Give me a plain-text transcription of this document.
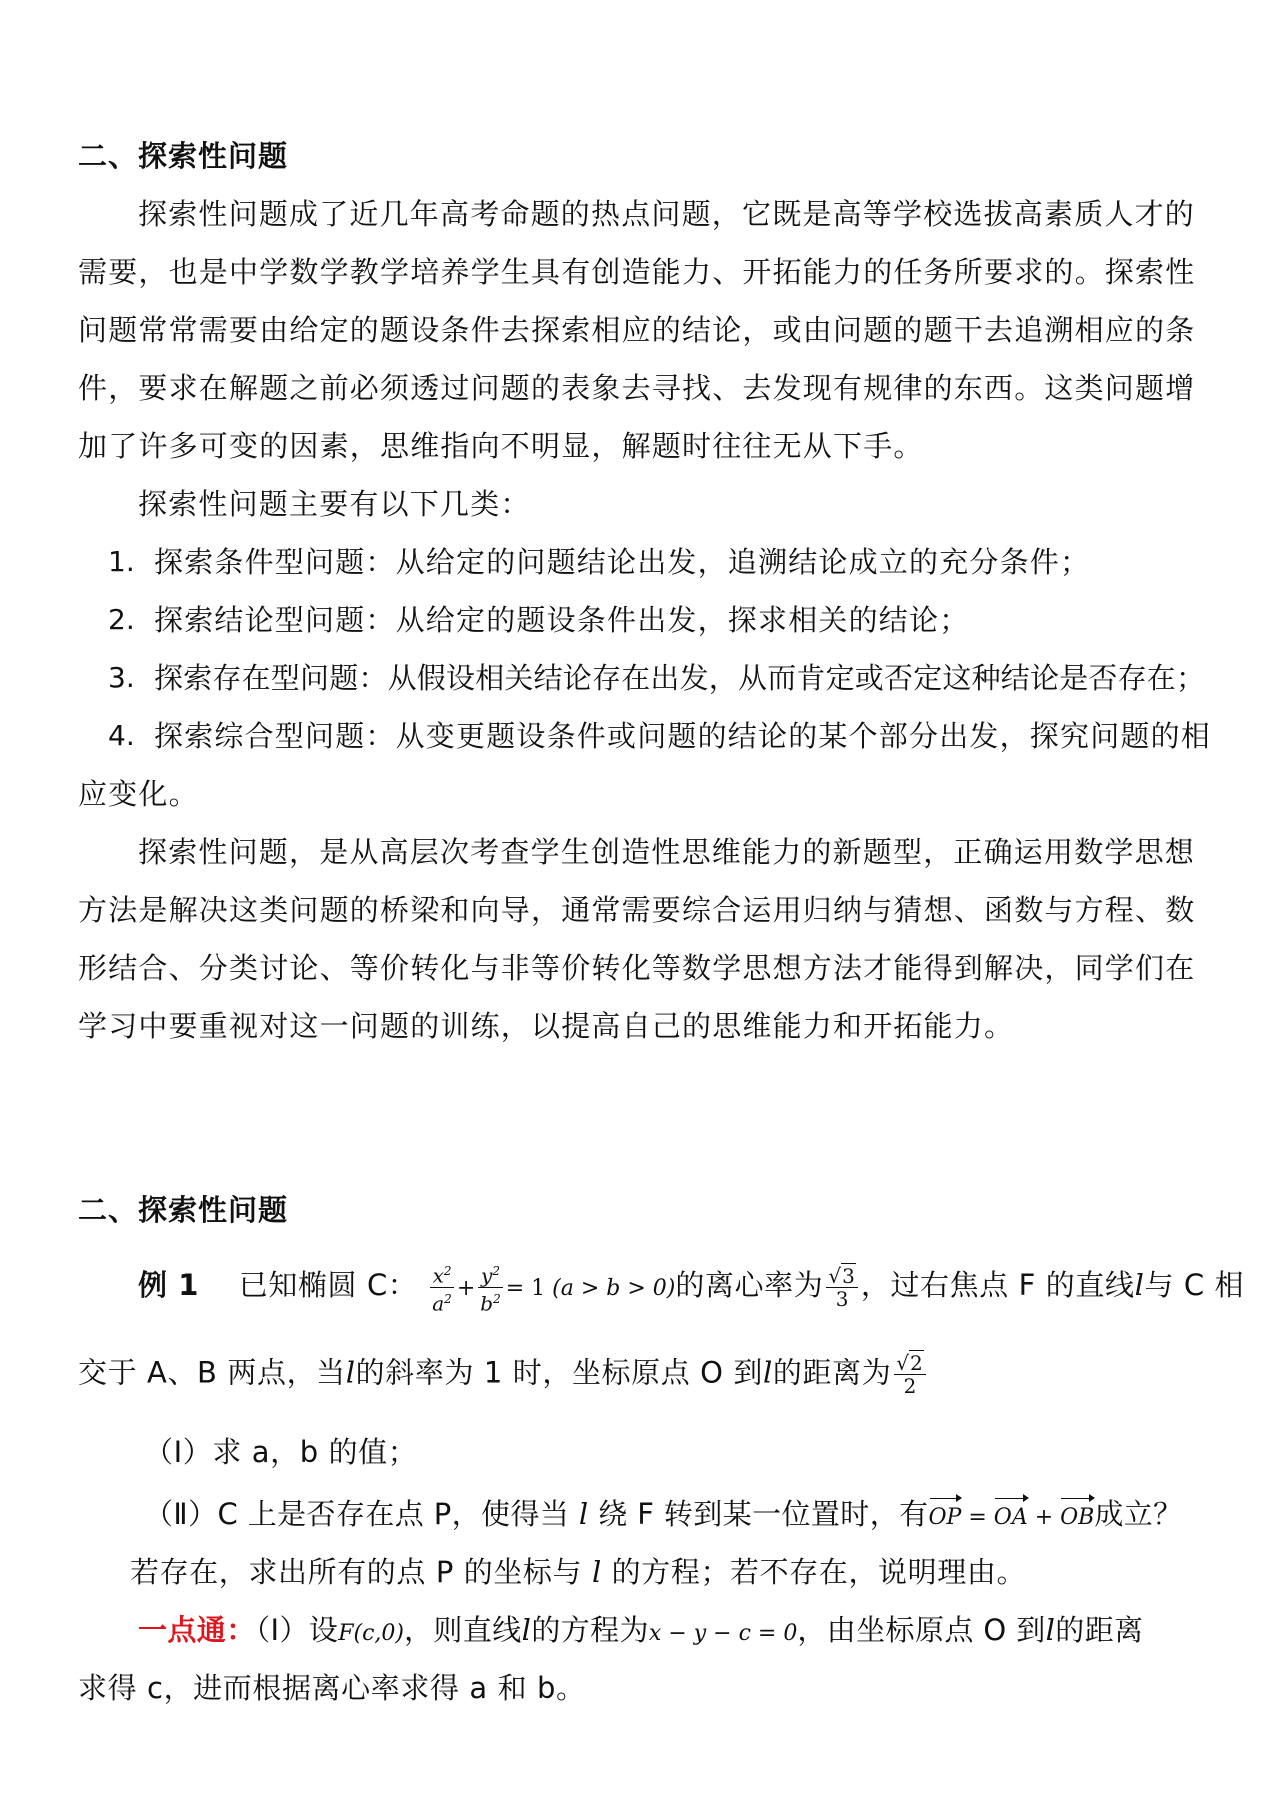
二、探索性问题
探索性问题成了近几年高考命题的热点问题，它既是高等学校选拔高素质人才的
需要，也是中学数学教学培养学生具有创造能力、开拓能力的任务所要求的。探索性
问题常常需要由给定的题设条件去探索相应的结论，或由问题的题干去追溯相应的条
件，要求在解题之前必须透过问题的表象去寻找、去发现有规律的东西。这类问题增
加了许多可变的因素，思维指向不明显，解题时往往无从下手。
探索性问题主要有以下几类：
1. 探索条件型问题：从给定的问题结论出发，追溯结论成立的充分条件；
2. 探索结论型问题：从给定的题设条件出发，探求相关的结论；
3. 探索存在型问题：从假设相关结论存在出发，从而肯定或否定这种结论是否存在；
4. 探索综合型问题：从变更题设条件或问题的结论的某个部分出发，探究问题的相
应变化。
探索性问题，是从高层次考查学生创造性思维能力的新题型，正确运用数学思想
方法是解决这类问题的桥梁和向导，通常需要综合运用归纳与猜想、函数与方程、数
形结合、分类讨论、等价转化与非等价转化等数学思想方法才能得到解决，同学们在
学习中要重视对这一问题的训练，以提高自己的思维能力和开拓能力。
二、探索性问题
例 1 已知椭圆 C： $\frac{x^2}{a^2} + \frac{y^2}{b^2} = 1$ (a > b > 0)的离心率为 $\frac{√3}{3}$ ，过右焦点 F 的直线l与 C 相
交于 A、B 两点，当l的斜率为 1 时，坐标原点 O 到l的距离为 $\frac{√2}{2}$
（Ⅰ）求 a，b 的值；
（Ⅱ）C 上是否存在点 P，使得当 l 绕 F 转到某一位置时，有OP = OA + OB成立？
若存在，求出所有的点 P 的坐标与 l 的方程；若不存在，说明理由。
一点通：（Ⅰ）设F(c,0)，则直线l的方程为x − y − c = 0，由坐标原点 O 到l的距离
求得 c，进而根据离心率求得 a 和 b。
